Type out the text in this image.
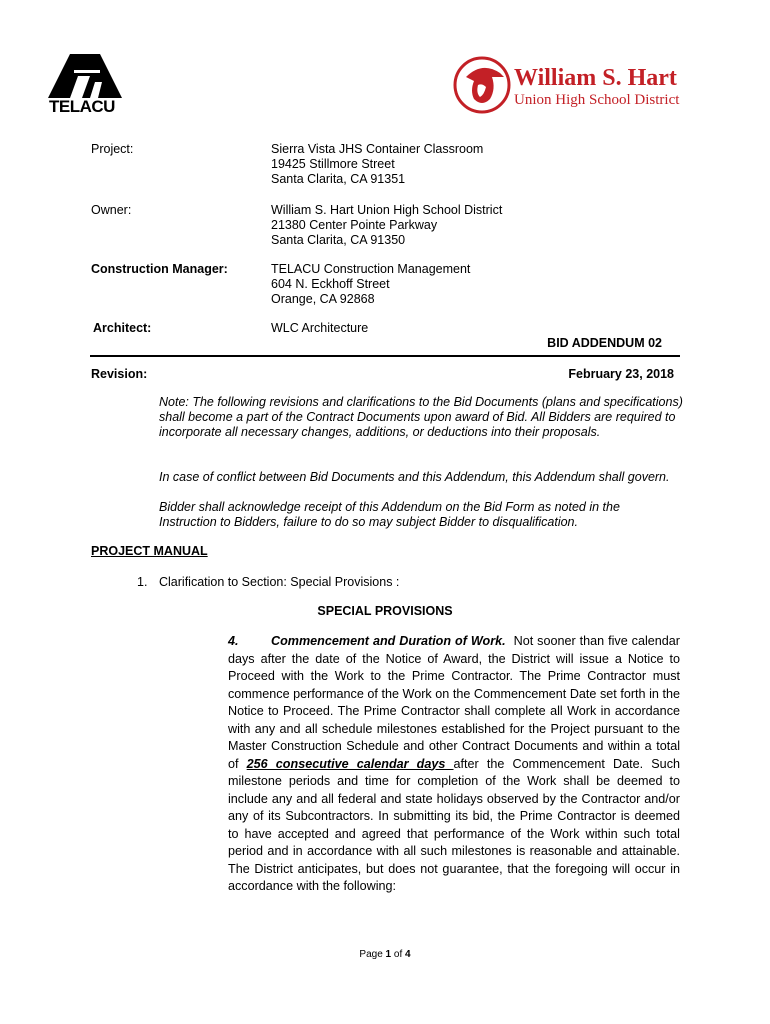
TELACU
William S. Hart
Union High School District
Project:	Sierra Vista JHS Container Classroom
19425 Stillmore Street
Santa Clarita, CA 91351
Owner:	William S. Hart Union High School District
21380 Center Pointe Parkway
Santa Clarita, CA 91350
Construction Manager:	TELACU Construction Management
604 N. Eckhoff Street
Orange, CA 92868
Architect:	WLC Architecture
BID ADDENDUM 02
Revision:	February 23, 2018
Note: The following revisions and clarifications to the Bid Documents (plans and specifications) shall become a part of the Contract Documents upon award of Bid. All Bidders are required to incorporate all necessary changes, additions, or deductions into their proposals.
In case of conflict between Bid Documents and this Addendum, this Addendum shall govern.
Bidder shall acknowledge receipt of this Addendum on the Bid Form as noted in the Instruction to Bidders, failure to do so may subject Bidder to disqualification.
PROJECT MANUAL
1. Clarification to Section: Special Provisions :
SPECIAL PROVISIONS
4.	Commencement and Duration of Work. Not sooner than five calendar days after the date of the Notice of Award, the District will issue a Notice to Proceed with the Work to the Prime Contractor. The Prime Contractor must commence performance of the Work on the Commencement Date set forth in the Notice to Proceed. The Prime Contractor shall complete all Work in accordance with any and all schedule milestones established for the Project pursuant to the Master Construction Schedule and other Contract Documents and within a total of 256 consecutive calendar days after the Commencement Date. Such milestone periods and time for completion of the Work shall be deemed to include any and all federal and state holidays observed by the Contractor and/or any of its Subcontractors. In submitting its bid, the Prime Contractor is deemed to have accepted and agreed that performance of the Work within such total period and in accordance with all such milestones is reasonable and attainable. The District anticipates, but does not guarantee, that the foregoing will occur in accordance with the following:
Page 1 of 4
